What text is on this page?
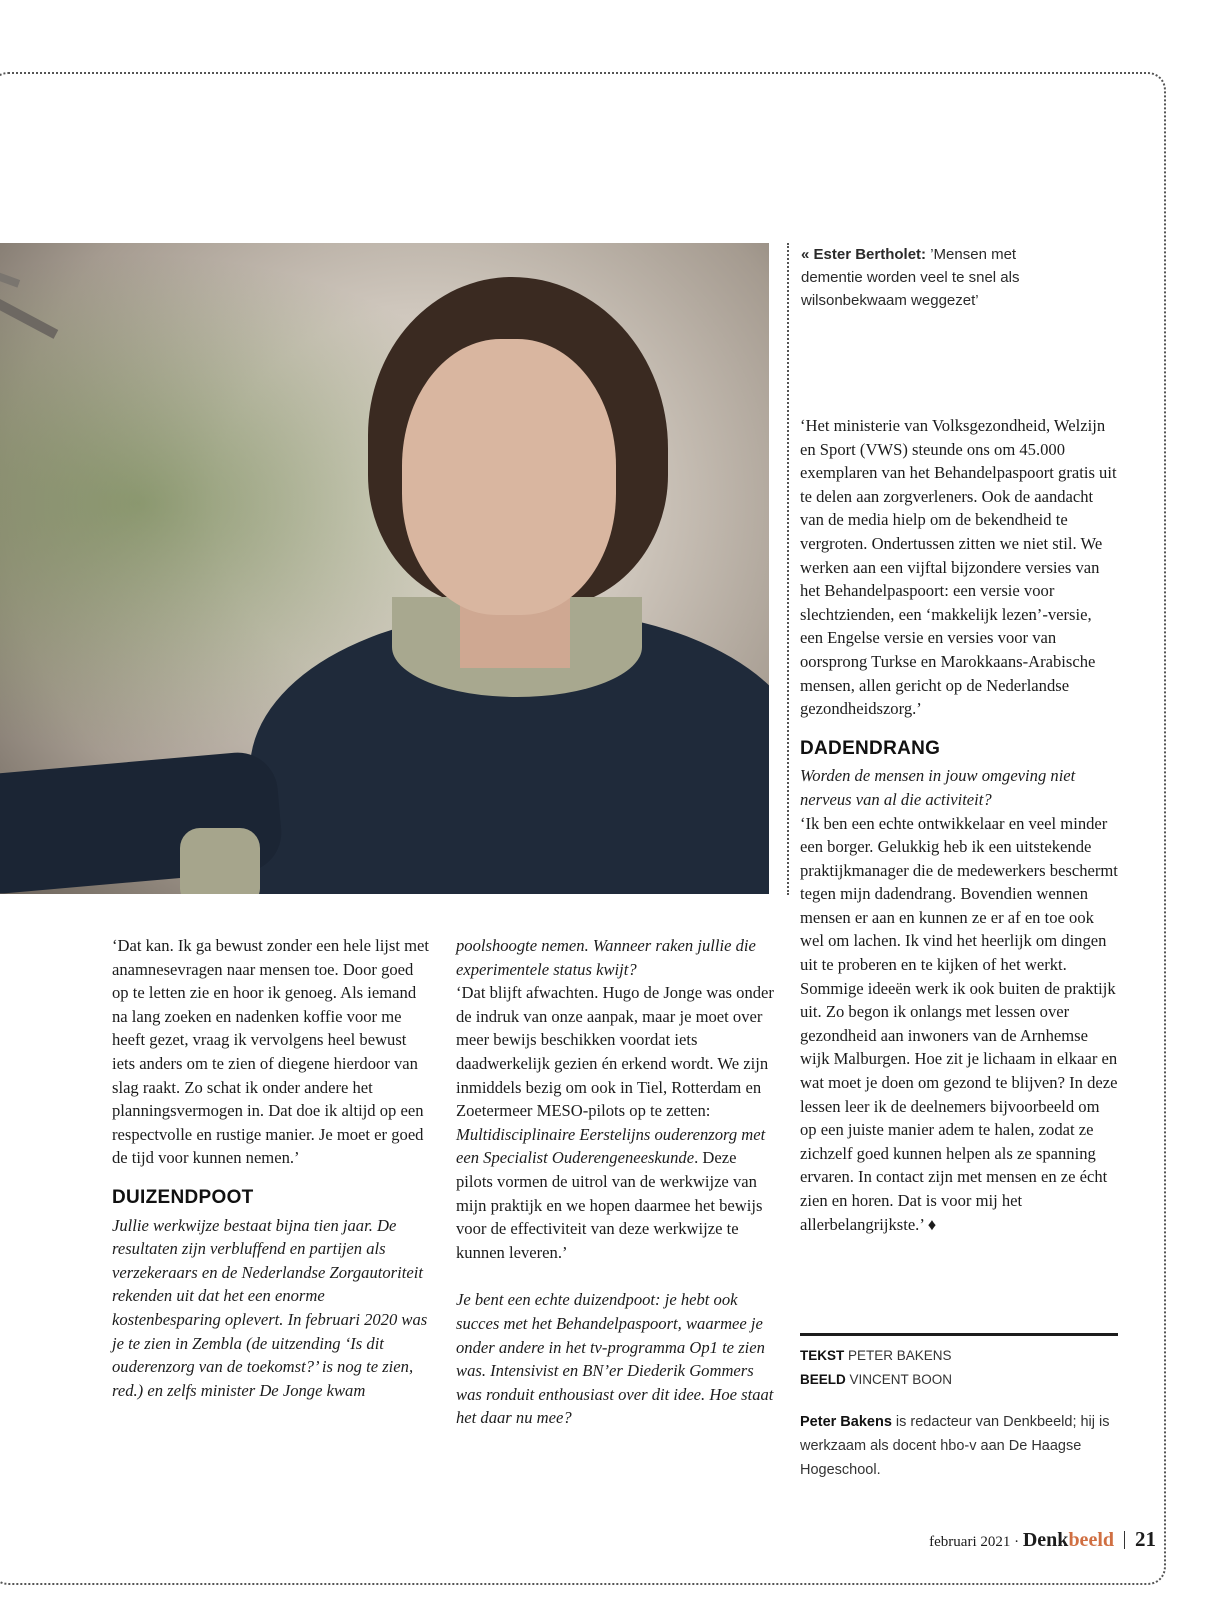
« Ester Bertholet: ’Mensen met dementie worden veel te snel als wilsonbekwaam weggezet’

‘Dat kan. Ik ga bewust zonder een hele lijst met anamnesevragen naar mensen toe. Door goed op te letten zie en hoor ik genoeg. Als iemand na lang zoeken en nadenken koffie voor me heeft gezet, vraag ik vervolgens heel bewust iets anders om te zien of diegene hierdoor van slag raakt. Zo schat ik onder andere het planningsvermogen in. Dat doe ik altijd op een respectvolle en rustige manier. Je moet er goed de tijd voor kunnen nemen.’

DUIZENDPOOT

Jullie werkwijze bestaat bijna tien jaar. De resultaten zijn verbluffend en partijen als verzekeraars en de Nederlandse Zorgautoriteit rekenden uit dat het een enorme kostenbesparing oplevert. In februari 2020 was je te zien in Zembla (de uitzending ‘Is dit ouderenzorg van de toekomst?’ is nog te zien, red.) en zelfs minister De Jonge kwam

poolshoogte nemen. Wanneer raken jullie die experimentele status kwijt?

‘Dat blijft afwachten. Hugo de Jonge was onder de indruk van onze aanpak, maar je moet over meer bewijs beschikken voordat iets daadwerkelijk gezien én erkend wordt. We zijn inmiddels bezig om ook in Tiel, Rotterdam en Zoetermeer MESO-pilots op te zetten: Multidisciplinaire Eerstelijns ouderenzorg met een Specialist Ouderengeneeskunde. Deze pilots vormen de uitrol van de werkwijze van mijn praktijk en we hopen daarmee het bewijs voor de effectiviteit van deze werkwijze te kunnen leveren.’

Je bent een echte duizendpoot: je hebt ook succes met het Behandelpaspoort, waarmee je onder andere in het tv-programma Op1 te zien was. Intensivist en BN’er Diederik Gommers was ronduit enthousiast over dit idee. Hoe staat het daar nu mee?

‘Het ministerie van Volksgezondheid, Welzijn en Sport (VWS) steunde ons om 45.000 exemplaren van het Behandelpaspoort gratis uit te delen aan zorgverleners. Ook de aandacht van de media hielp om de bekendheid te vergroten. Ondertussen zitten we niet stil. We werken aan een vijftal bijzondere versies van het Behandelpaspoort: een versie voor slechtzienden, een ‘makkelijk lezen’-versie, een Engelse versie en versies voor van oorsprong Turkse en Marokkaans-Arabische mensen, allen gericht op de Nederlandse gezondheidszorg.’

DADENDRANG

Worden de mensen in jouw omgeving niet nerveus van al die activiteit?

‘Ik ben een echte ontwikkelaar en veel minder een borger. Gelukkig heb ik een uitstekende praktijkmanager die de medewerkers beschermt tegen mijn dadendrang. Bovendien wennen mensen er aan en kunnen ze er af en toe ook wel om lachen. Ik vind het heerlijk om dingen uit te proberen en te kijken of het werkt. Sommige ideeën werk ik ook buiten de praktijk uit. Zo begon ik onlangs met lessen over gezondheid aan inwoners van de Arnhemse wijk Malburgen. Hoe zit je lichaam in elkaar en wat moet je doen om gezond te blijven? In deze lessen leer ik de deelnemers bijvoorbeeld om op een juiste manier adem te halen, zodat ze zichzelf goed kunnen helpen als ze spanning ervaren. In contact zijn met mensen en ze écht zien en horen. Dat is voor mij het allerbelangrijkste.’ ♦

TEKST PETER BAKENS
BEELD VINCENT BOON
Peter Bakens is redacteur van Denkbeeld; hij is werkzaam als docent hbo-v aan De Haagse Hogeschool.
februari 2021 · Denkbeeld 21
